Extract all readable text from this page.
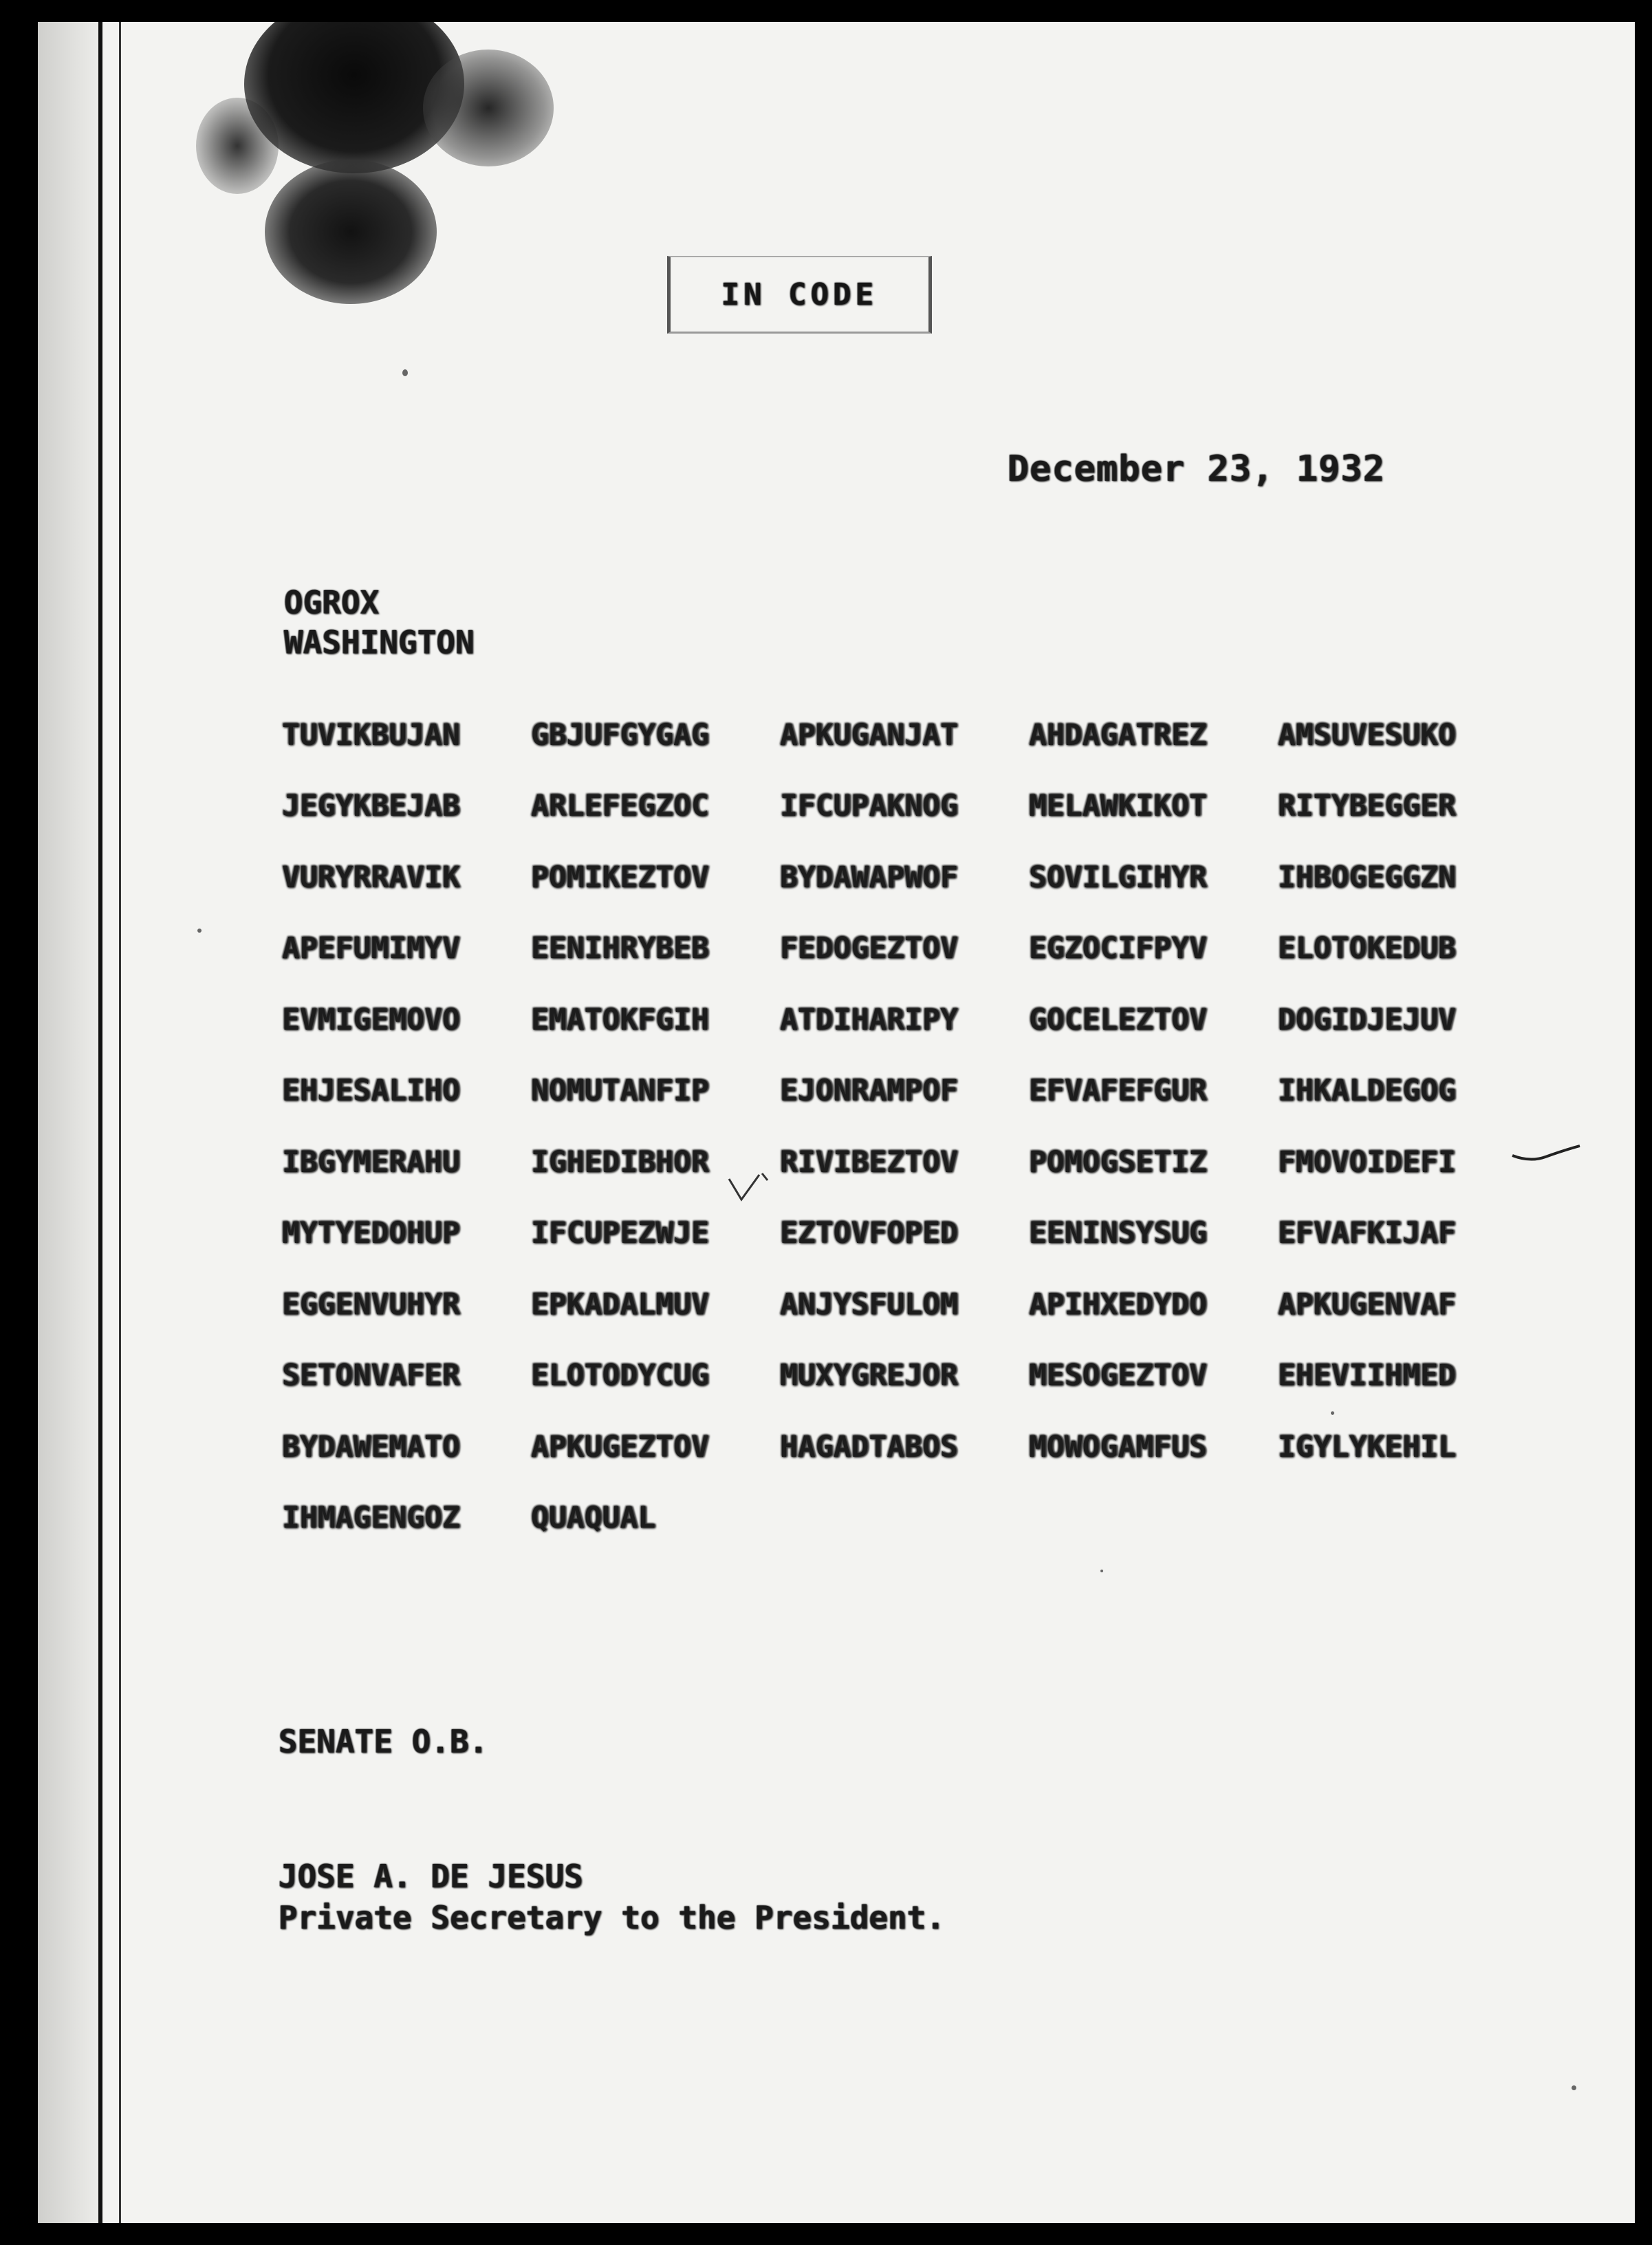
IN CODE
December 23, 1932
OGROX
WASHINGTON
TUVIKBUJAN	GBJUFGYGAG	APKUGANJAT	AHDAGATREZ	AMSUVESUKO
JEGYKBEJAB	ARLEFEGZOC	IFCUPAKNOG	MELAWKIKOT	RITYBEGGER
VURYRRAVIK	POMIKEZTOV	BYDAWAPWOF	SOVILGIHYR	IHBOGEGGZN
APEFUMIMYV	EENIHRYBEB	FEDOGEZTOV	EGZOCIFPYV	ELOTOKEDUB
EVMIGEMOVO	EMATOKFGIH	ATDIHARIPY	GOCELEZTOV	DOGIDJEJUV
EHJESALIHO	NOMUTANFIP	EJONRAMPOF	EFVAFEFGUR	IHKALDEGOG
IBGYMERAHU	IGHEDIBHOR	RIVIBEZTOV	POMOGSETIZ	FMOVOIDEFI
MYTYEDOHUP	IFCUPEZWJE	EZTOVFOPED	EENINSYSUG	EFVAFKIJAF
EGGENVUHYR	EPKADALMUV	ANJYSFULOM	APIHXEDYDO	APKUGENVAF
SETONVAFER	ELOTODYCUG	MUXYGREJOR	MESOGEZTOV	EHEVIIHMED
BYDAWEMATO	APKUGEZTOV	HAGADTABOS	MOWOGAMFUS	IGYLYKEHIL
IHMAGENGOZ	QUAQUAL
SENATE O.B.
JOSE A. DE JESUS
Private Secretary to the President.
